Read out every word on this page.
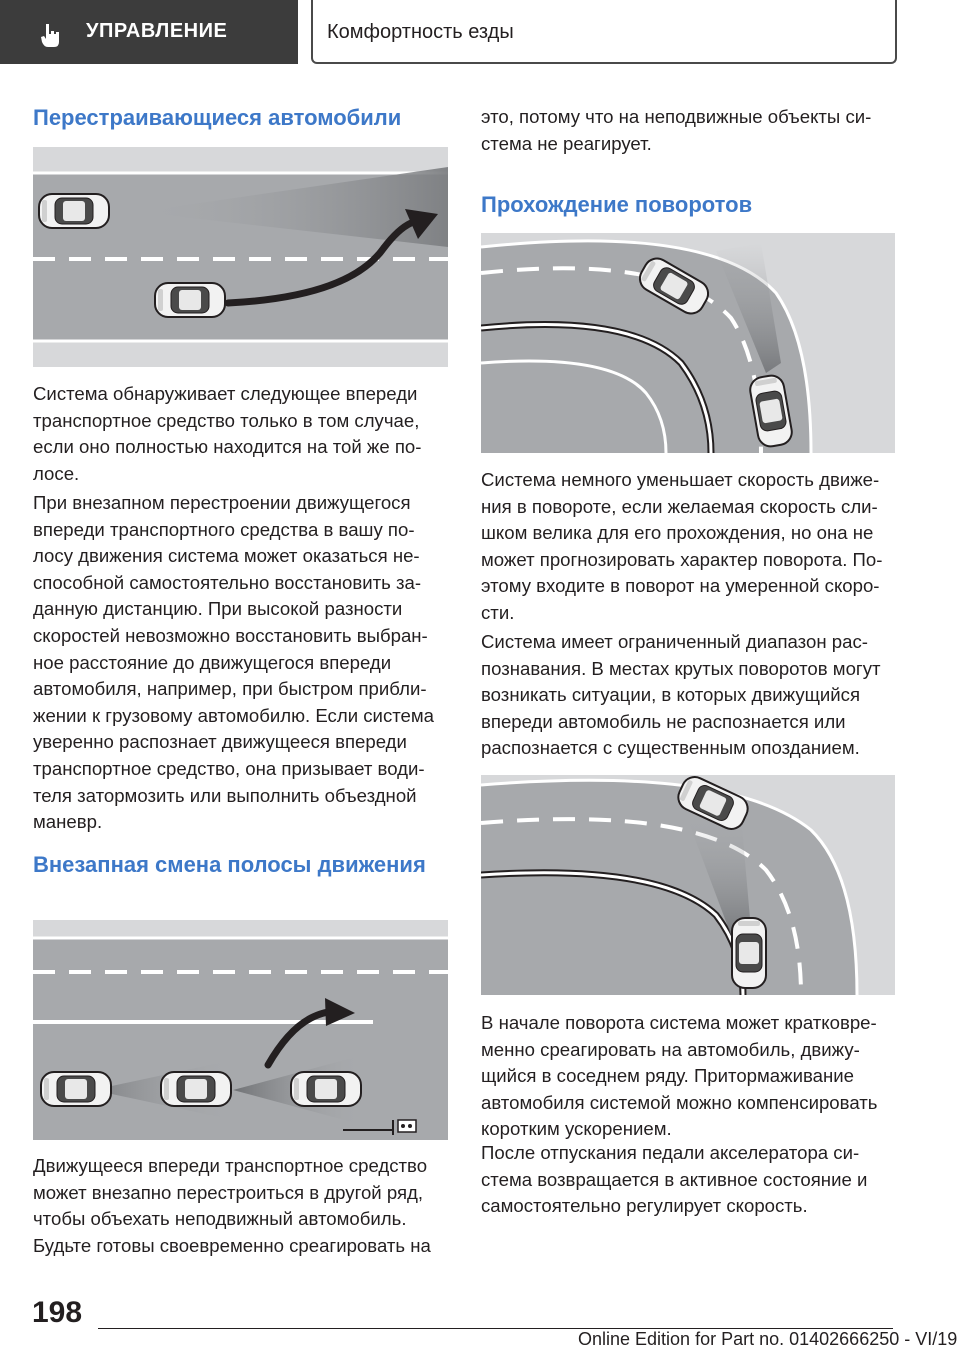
УПРАВЛЕНИЕ	Комфортность езды
Перестраивающиеся автомобили

Система обнаруживает следующее впереди транспортное средство только в том случае, если оно полностью находится на той же по-лосе.

При внезапном перестроении движущегося впереди транспортного средства в вашу по-лосу движения система может оказаться не-способной самостоятельно восстановить за-данную дистанцию. При высокой разности скоростей невозможно восстановить выбран-ное расстояние до движущегося впереди автомобиля, например, при быстром прибли-жении к грузовому автомобилю. Если система уверенно распознает движущееся впереди транспортное средство, она призывает води-теля затормозить или выполнить объездной маневр.

Внезапная смена полосы движения

Движущееся впереди транспортное средство может внезапно перестроиться в другой ряд, чтобы объехать неподвижный автомобиль. Будьте готовы своевременно среагировать на

это, потому что на неподвижные объекты си-стема не реагирует.

Прохождение поворотов

Система немного уменьшает скорость движе-ния в повороте, если желаемая скорость сли-шком велика для его прохождения, но она не может прогнозировать характер поворота. По-этому входите в поворот на умеренной скоро-сти.

Система имеет ограниченный диапазон рас-познавания. В местах крутых поворотов могут возникать ситуации, в которых движущийся впереди автомобиль не распознается или распознается с существенным опозданием.

В начале поворота система может кратковре-менно среагировать на автомобиль, движу-щийся в соседнем ряду. Притормаживание автомобиля системой можно компенсировать коротким ускорением.

После отпускания педали акселератора си-стема возвращается в активное состояние и самостоятельно регулирует скорость.

198
Online Edition for Part no. 01402666250 - VI/19
